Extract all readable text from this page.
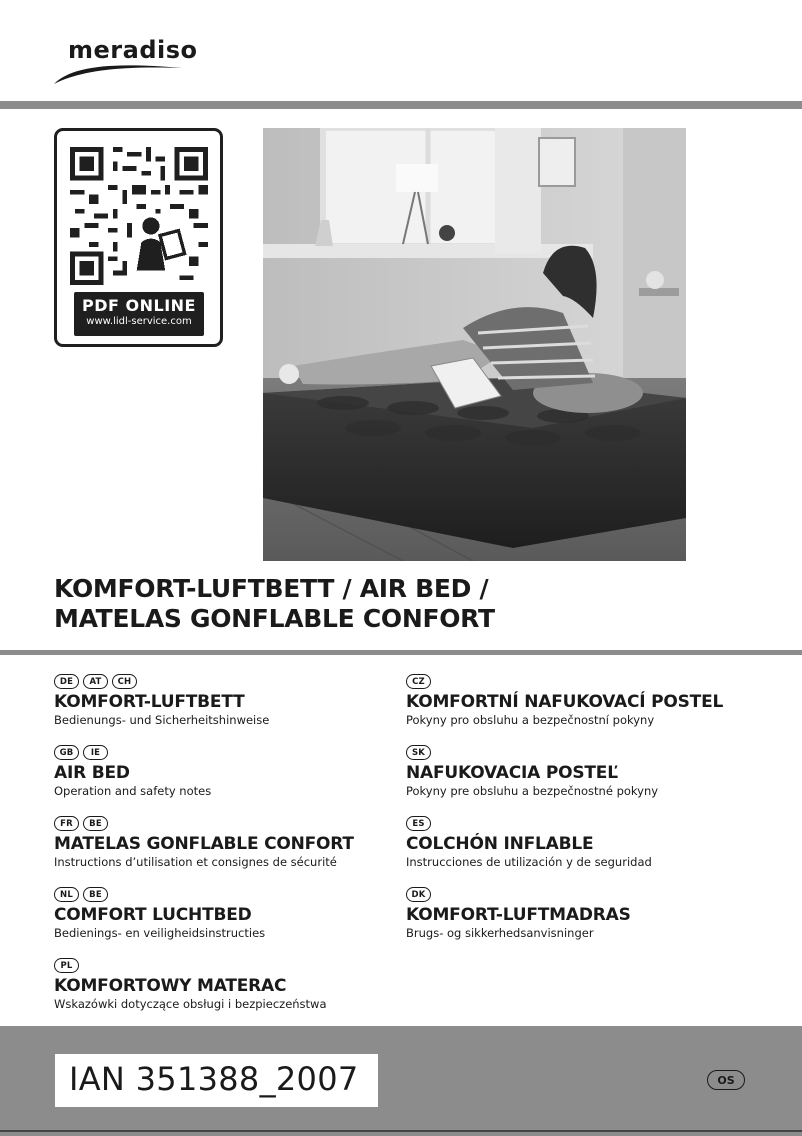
meradiso
PDF ONLINE
www.lidl-service.com
KOMFORT-LUFTBETT / AIR BED /
MATELAS GONFLABLE CONFORT
DE	AT	CH
KOMFORT-LUFTBETT
Bedienungs- und Sicherheitshinweise
GB	IE
AIR BED
Operation and safety notes
FR	BE
MATELAS GONFLABLE CONFORT
Instructions d’utilisation et consignes de sécurité
NL	BE
COMFORT LUCHTBED
Bedienings- en veiligheidsinstructies
PL
KOMFORTOWY MATERAC
Wskazówki dotyczące obsługi i bezpieczeństwa
CZ
KOMFORTNÍ NAFUKOVACÍ POSTEL
Pokyny pro obsluhu a bezpečnostní pokyny
SK
NAFUKOVACIA POSTEĽ
Pokyny pre obsluhu a bezpečnostné pokyny
ES
COLCHÓN INFLABLE
Instrucciones de utilización y de seguridad
DK
KOMFORT-LUFTMADRAS
Brugs- og sikkerhedsanvisninger
IAN 351388_2007	OS
